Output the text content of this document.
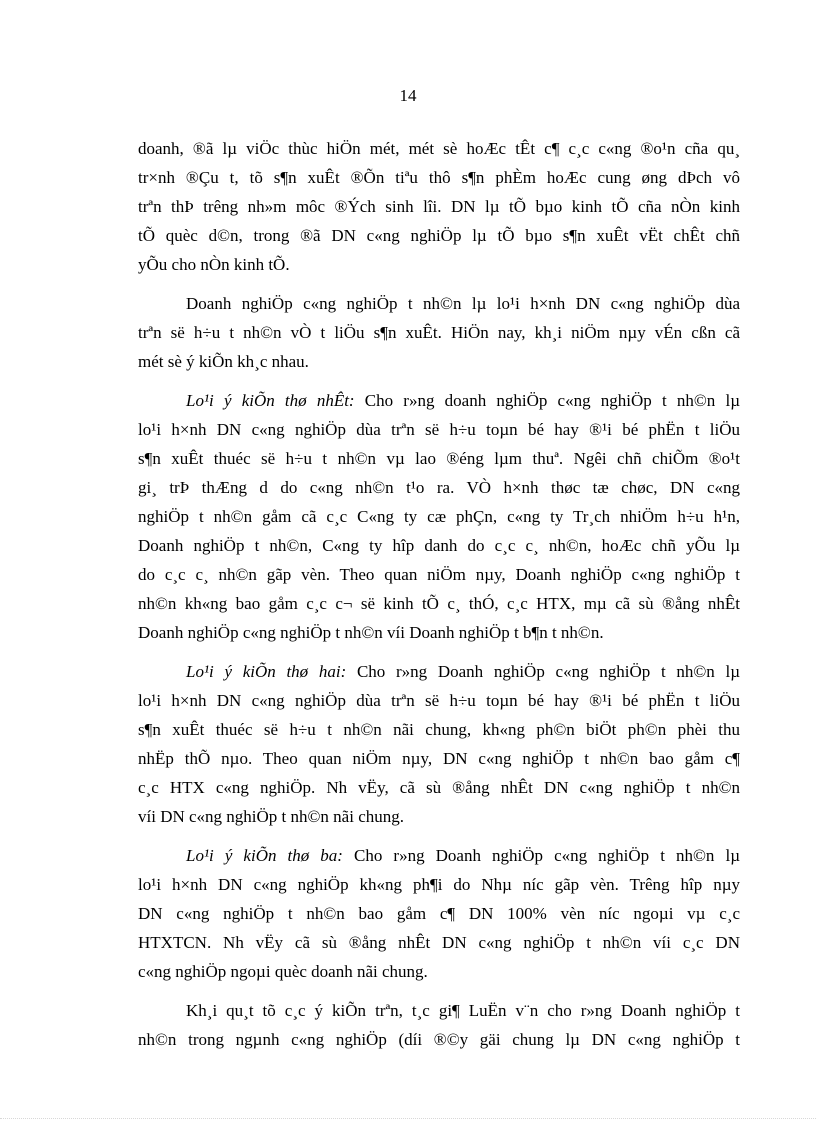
14
doanh, ®ã lµ viÖc thùc hiÖn mét, mét sè hoÆc tÊt c¶ c¸c c«ng ®o¹n cña qu¸
tr×nh ®Çu t, tõ s¶n xuÊt ®Õn tiªu thô s¶n phÈm hoÆc cung øng dÞch vô
trªn thÞ trêng nh»m môc ®Ých sinh lîi. DN lµ tÕ bµo kinh tÕ cña nÒn kinh
tÕ quèc d©n, trong ®ã DN c«ng nghiÖp lµ tÕ bµo s¶n xuÊt vËt chÊt chñ
yÕu cho nÒn kinh tÕ.
Doanh nghiÖp c«ng nghiÖp t nh©n lµ lo¹i h×nh DN c«ng nghiÖp dùa
trªn së h÷u t nh©n vÒ t liÖu s¶n xuÊt. HiÖn nay, kh¸i niÖm nµy vÉn cßn cã
mét sè ý kiÕn kh¸c nhau.
Lo¹i ý kiÕn thø nhÊt: Cho r»ng doanh nghiÖp c«ng nghiÖp t nh©n lµ
lo¹i h×nh DN c«ng nghiÖp dùa trªn së h÷u toµn bé hay ®¹i bé phËn t liÖu
s¶n xuÊt thuéc së h÷u t nh©n vµ lao ®éng lµm thuª. Ngêi chñ chiÕm ®o¹t
gi¸ trÞ thÆng d do c«ng nh©n t¹o ra. VÒ h×nh thøc tæ chøc, DN c«ng
nghiÖp t nh©n gåm cã c¸c C«ng ty cæ phÇn, c«ng ty Tr¸ch nhiÖm h÷u h¹n,
Doanh nghiÖp t nh©n, C«ng ty hîp danh do c¸c c¸ nh©n, hoÆc chñ yÕu lµ
do c¸c c¸ nh©n gãp vèn. Theo quan niÖm nµy, Doanh nghiÖp c«ng nghiÖp t
nh©n kh«ng bao gåm c¸c c¬ së kinh tÕ c¸ thÓ, c¸c HTX, mµ cã sù ®ång nhÊt
Doanh nghiÖp c«ng nghiÖp t nh©n víi Doanh nghiÖp t b¶n t nh©n.
Lo¹i ý kiÕn thø hai: Cho r»ng Doanh nghiÖp c«ng nghiÖp t nh©n lµ
lo¹i h×nh DN c«ng nghiÖp dùa trªn së h÷u toµn bé hay ®¹i bé phËn t liÖu
s¶n xuÊt thuéc së h÷u t nh©n nãi chung, kh«ng ph©n biÖt ph©n phèi thu
nhËp thÕ nµo. Theo quan niÖm nµy, DN c«ng nghiÖp t nh©n bao gåm c¶
c¸c HTX c«ng nghiÖp. Nh vËy, cã sù ®ång nhÊt DN c«ng nghiÖp t nh©n
víi DN c«ng nghiÖp t nh©n nãi chung.
Lo¹i ý kiÕn thø ba: Cho r»ng Doanh nghiÖp c«ng nghiÖp t nh©n lµ
lo¹i h×nh DN c«ng nghiÖp kh«ng ph¶i do Nhµ níc gãp vèn. Trêng hîp nµy
DN c«ng nghiÖp t nh©n bao gåm c¶ DN 100% vèn níc ngoµi vµ c¸c
HTXTCN. Nh vËy cã sù ®ång nhÊt DN c«ng nghiÖp t nh©n víi c¸c DN
c«ng nghiÖp ngoµi quèc doanh nãi chung.
Kh¸i qu¸t tõ c¸c ý kiÕn trªn, t¸c gi¶ LuËn v¨n cho r»ng Doanh nghiÖp t
nh©n trong ngµnh c«ng nghiÖp (díi ®©y gäi chung lµ DN c«ng nghiÖp t
